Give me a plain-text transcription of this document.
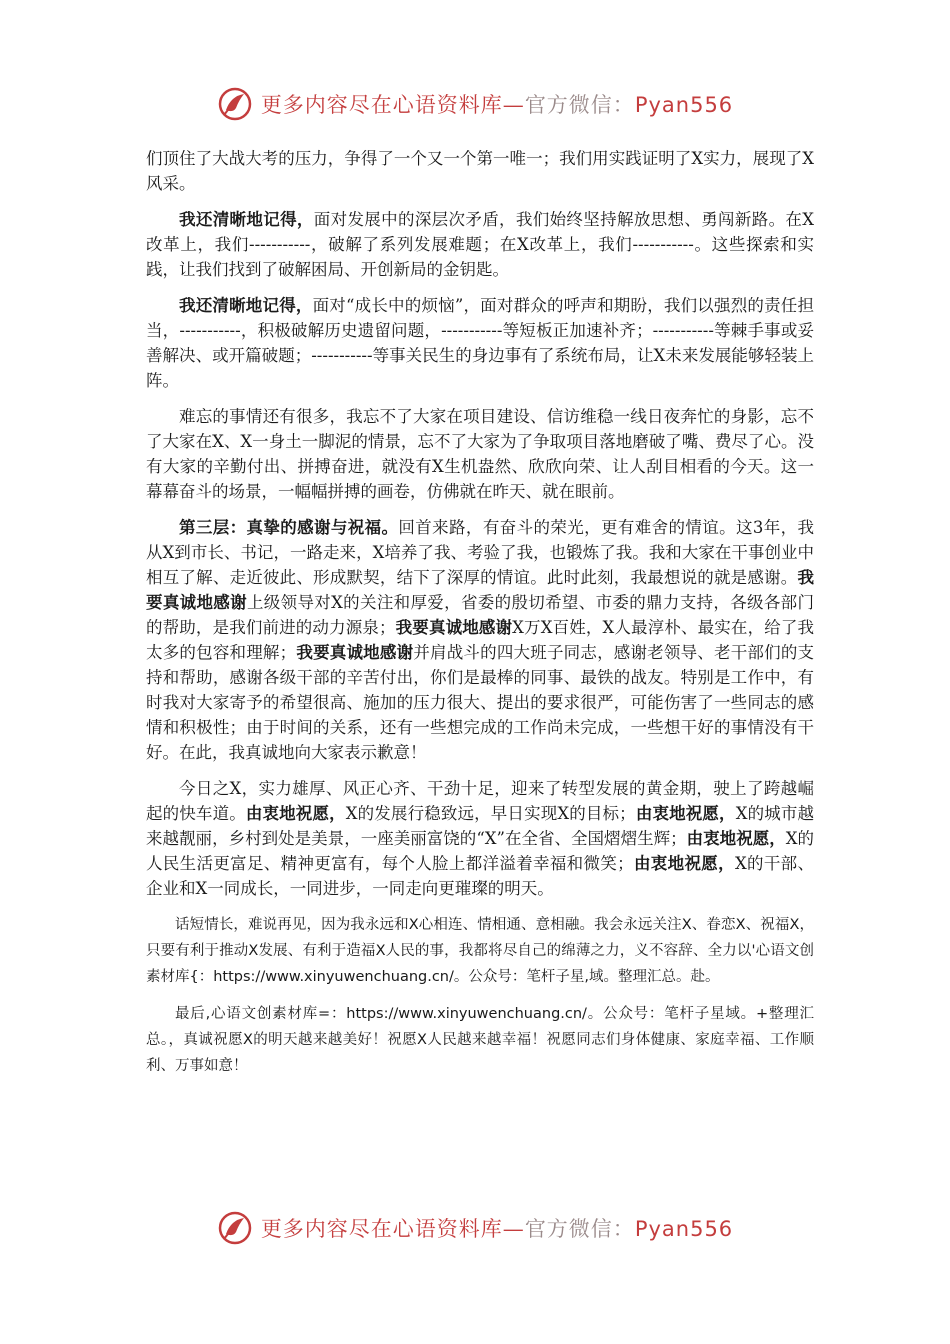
更多内容尽在心语资料库—官方微信：Pyan556

们顶住了大战大考的压力，争得了一个又一个第一唯一；我们用实践证明了X实力，展现了X风采。

我还清晰地记得，面对发展中的深层次矛盾，我们始终坚持解放思想、勇闯新路。在X改革上，我们-----------，破解了系列发展难题；在X改革上，我们-----------。这些探索和实践，让我们找到了破解困局、开创新局的金钥匙。

我还清晰地记得，面对“成长中的烦恼”，面对群众的呼声和期盼，我们以强烈的责任担当，-----------，积极破解历史遗留问题，-----------等短板正加速补齐；-----------等棘手事或妥善解决、或开篇破题；-----------等事关民生的身边事有了系统布局，让X未来发展能够轻装上阵。

难忘的事情还有很多，我忘不了大家在项目建设、信访维稳一线日夜奔忙的身影，忘不了大家在X、X一身土一脚泥的情景，忘不了大家为了争取项目落地磨破了嘴、费尽了心。没有大家的辛勤付出、拼搏奋进，就没有X生机盎然、欣欣向荣、让人刮目相看的今天。这一幕幕奋斗的场景，一幅幅拼搏的画卷，仿佛就在昨天、就在眼前。

第三层：真挚的感谢与祝福。回首来路，有奋斗的荣光，更有难舍的情谊。这3年，我从X到市长、书记，一路走来，X培养了我、考验了我，也锻炼了我。我和大家在干事创业中相互了解、走近彼此、形成默契，结下了深厚的情谊。此时此刻，我最想说的就是感谢。我要真诚地感谢上级领导对X的关注和厚爱，省委的殷切希望、市委的鼎力支持，各级各部门的帮助，是我们前进的动力源泉；我要真诚地感谢X万X百姓，X人最淳朴、最实在，给了我太多的包容和理解；我要真诚地感谢并肩战斗的四大班子同志，感谢老领导、老干部们的支持和帮助，感谢各级干部的辛苦付出，你们是最棒的同事、最铁的战友。特别是工作中，有时我对大家寄予的希望很高、施加的压力很大、提出的要求很严，可能伤害了一些同志的感情和积极性；由于时间的关系，还有一些想完成的工作尚未完成，一些想干好的事情没有干好。在此，我真诚地向大家表示歉意！

今日之X，实力雄厚、风正心齐、干劲十足，迎来了转型发展的黄金期，驶上了跨越崛起的快车道。由衷地祝愿，X的发展行稳致远，早日实现X的目标；由衷地祝愿，X的城市越来越靓丽，乡村到处是美景，一座美丽富饶的“X”在全省、全国熠熠生辉；由衷地祝愿，X的人民生活更富足、精神更富有，每个人脸上都洋溢着幸福和微笑；由衷地祝愿，X的干部、企业和X一同成长，一同进步，一同走向更璀璨的明天。

话短情长，难说再见，因为我永远和X心相连、情相通、意相融。我会永远关注X、眷恋X、祝福X，只要有利于推动X发展、有利于造福X人民的事，我都将尽自己的绵薄之力，义不容辞、全力以'心语文创素材库{：https://www.xinyuwenchuang.cn/。公众号：笔杆子星,域。整理汇总。赴。

最后,心语文创素材库=：https://www.xinyuwenchuang.cn/。公众号：笔杆子星域。+整理汇总。，真诚祝愿X的明天越来越美好！祝愿X人民越来越幸福！祝愿同志们身体健康、家庭幸福、工作顺利、万事如意！

更多内容尽在心语资料库—官方微信：Pyan556
